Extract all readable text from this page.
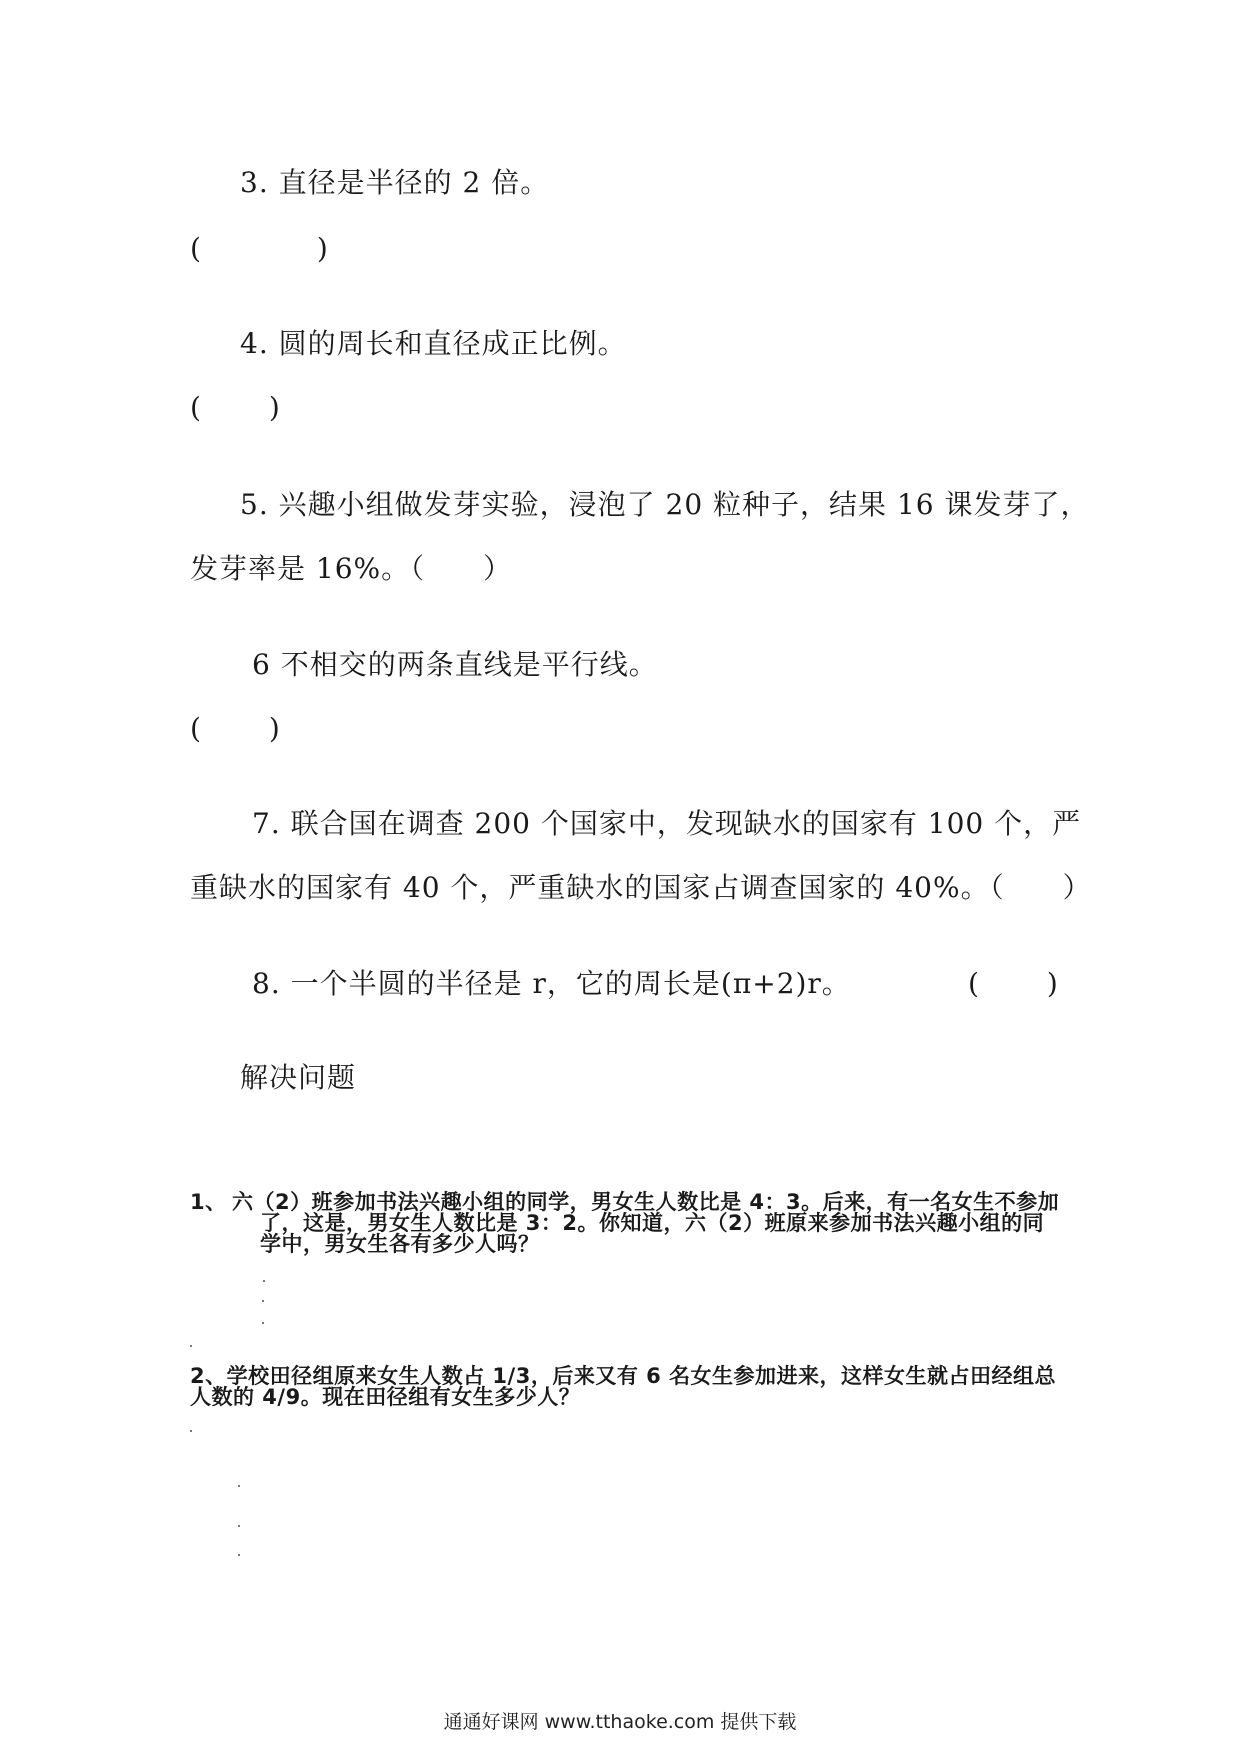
3. 直径是半径的 2 倍。
(　　　)
4. 圆的周长和直径成正比例。
(　　)
5. 兴趣小组做发芽实验，浸泡了 20 粒种子，结果 16 课发芽了，
发芽率是 16%。（　　）
6 不相交的两条直线是平行线。
(　　)
7. 联合国在调查 200 个国家中，发现缺水的国家有 100 个，严
重缺水的国家有 40 个，严重缺水的国家占调查国家的 40%。（　　）
8. 一个半圆的半径是 r，它的周长是(π+2)r。	(　　)
解决问题
1、 六（2）班参加书法兴趣小组的同学，男女生人数比是 4：3。后来，有一名女生不参加
了，这是，男女生人数比是 3：2。你知道，六（2）班原来参加书法兴趣小组的同
学中，男女生各有多少人吗？
2、学校田径组原来女生人数占 1/3，后来又有 6 名女生参加进来，这样女生就占田经组总
人数的 4/9。现在田径组有女生多少人？
通通好课网 www.tthaoke.com 提供下载
